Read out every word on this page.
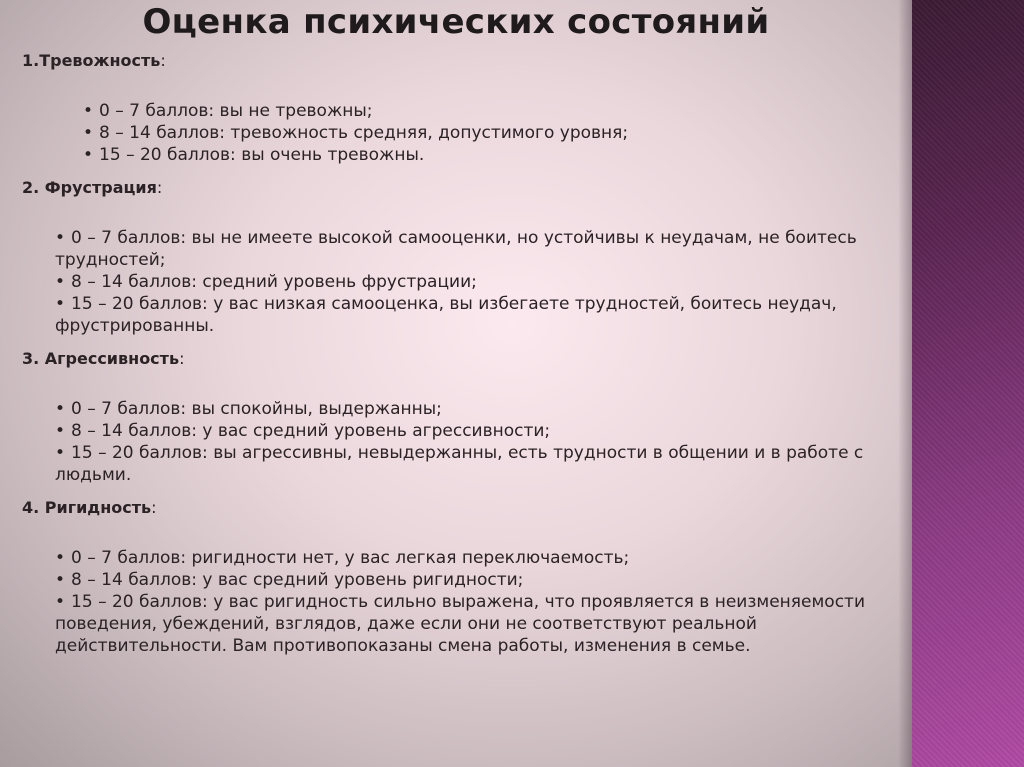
Оценка психических состояний

1.Тревожность:

• 0 – 7 баллов: вы не тревожны;
• 8 – 14 баллов: тревожность средняя, допустимого уровня;
• 15 – 20 баллов: вы очень тревожны.

2. Фрустрация:

• 0 – 7 баллов: вы не имеете высокой самооценки, но устойчивы к неудачам, не боитесь трудностей;
• 8 – 14 баллов: средний уровень фрустрации;
• 15 – 20 баллов: у вас низкая самооценка, вы избегаете трудностей, боитесь неудач, фрустрированны.

3. Агрессивность:

• 0 – 7 баллов: вы спокойны, выдержанны;
• 8 – 14 баллов: у вас средний уровень агрессивности;
• 15 – 20 баллов: вы агрессивны, невыдержанны, есть трудности в общении и в работе с людьми.

4. Ригидность:

• 0 – 7 баллов: ригидности нет, у вас легкая переключаемость;
• 8 – 14 баллов: у вас средний уровень ригидности;
• 15 – 20 баллов: у вас ригидность сильно выражена, что проявляется в неизменяемости поведения, убеждений, взглядов, даже если они не соответствуют реальной действительности. Вам противопоказаны смена работы, изменения в семье.
